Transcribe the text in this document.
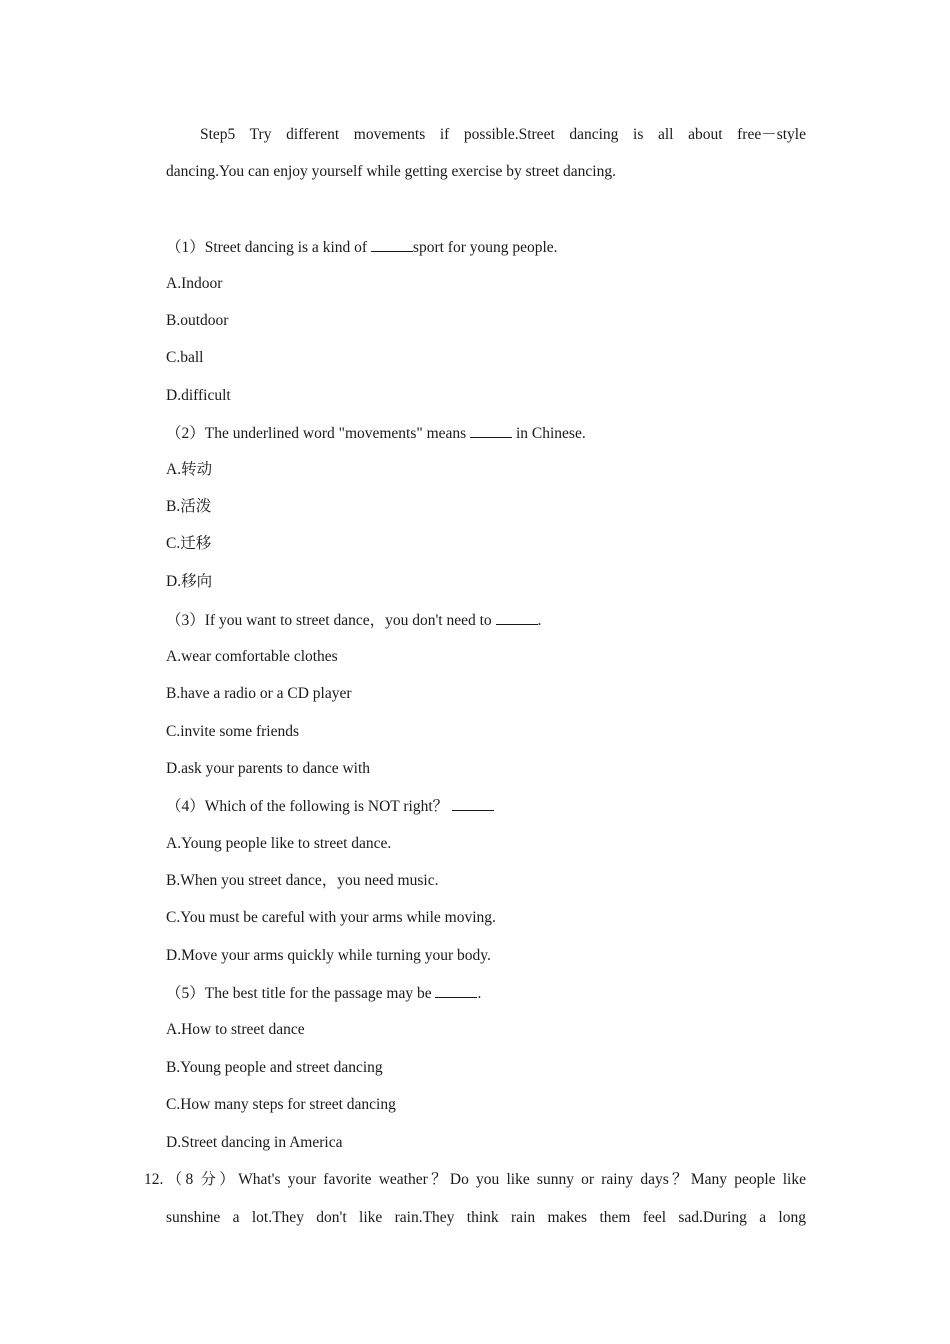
Step5 Try different movements if possible.Street dancing is all about free－style
dancing.You can enjoy yourself while getting exercise by street dancing.
（1）Street dancing is a kind of	sport for young people.
A.Indoor
B.outdoor
C.ball
D.difficult
（2）The underlined word "movements" means	in Chinese.
A.转动
B.活泼
C.迁移
D.移向
（3）If you want to street dance，you don't need to	.
A.wear comfortable clothes
B.have a radio or a CD player
C.invite some friends
D.ask your parents to dance with
（4）Which of the following is NOT right？
A.Young people like to street dance.
B.When you street dance，you need music.
C.You must be careful with your arms while moving.
D.Move your arms quickly while turning your body.
（5）The best title for the passage may be	.
A.How to street dance
B.Young people and street dancing
C.How many steps for street dancing
D.Street dancing in America
12.（8 分）What's your favorite weather？Do you like sunny or rainy days？Many people like
sunshine a lot.They don't like rain.They think rain makes them feel sad.During a long
